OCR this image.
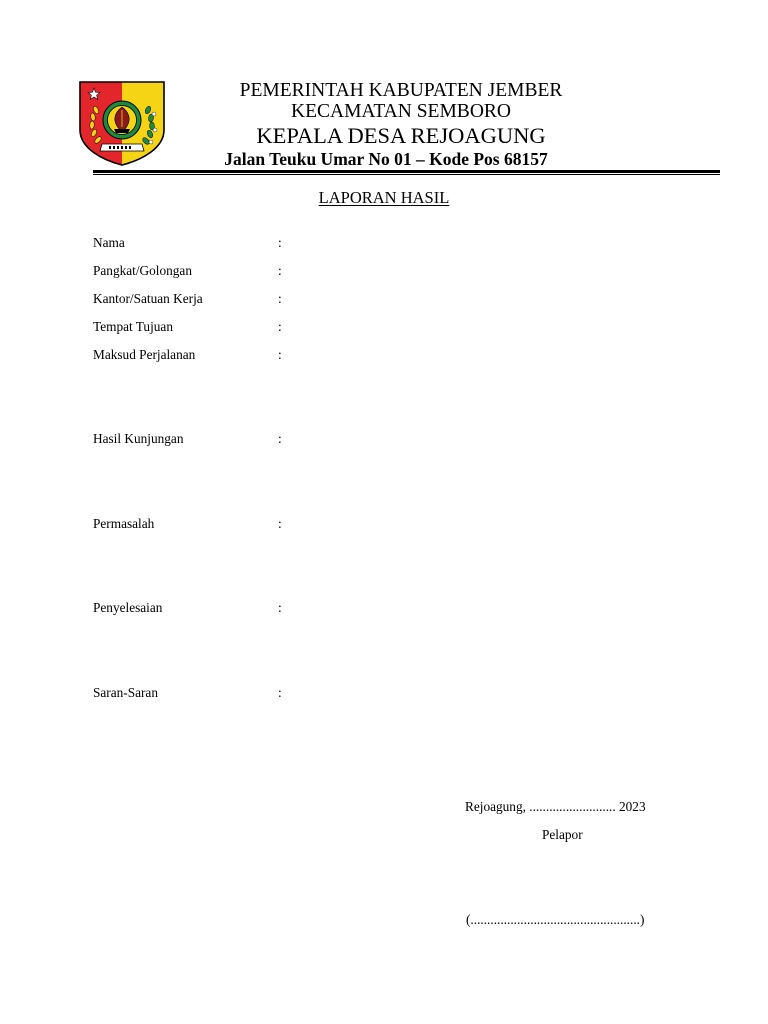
PEMERINTAH KABUPATEN JEMBER
KECAMATAN SEMBORO
KEPALA DESA REJOAGUNG
Jalan Teuku Umar No 01 – Kode Pos 68157
LAPORAN HASIL
Nama	:
Pangkat/Golongan	:
Kantor/Satuan Kerja	:
Tempat Tujuan	:
Maksud Perjalanan	:
Hasil Kunjungan	:
Permasalah	:
Penyelesaian	:
Saran-Saran	:
Rejoagung, .......................... 2023
Pelapor
(...................................................)
